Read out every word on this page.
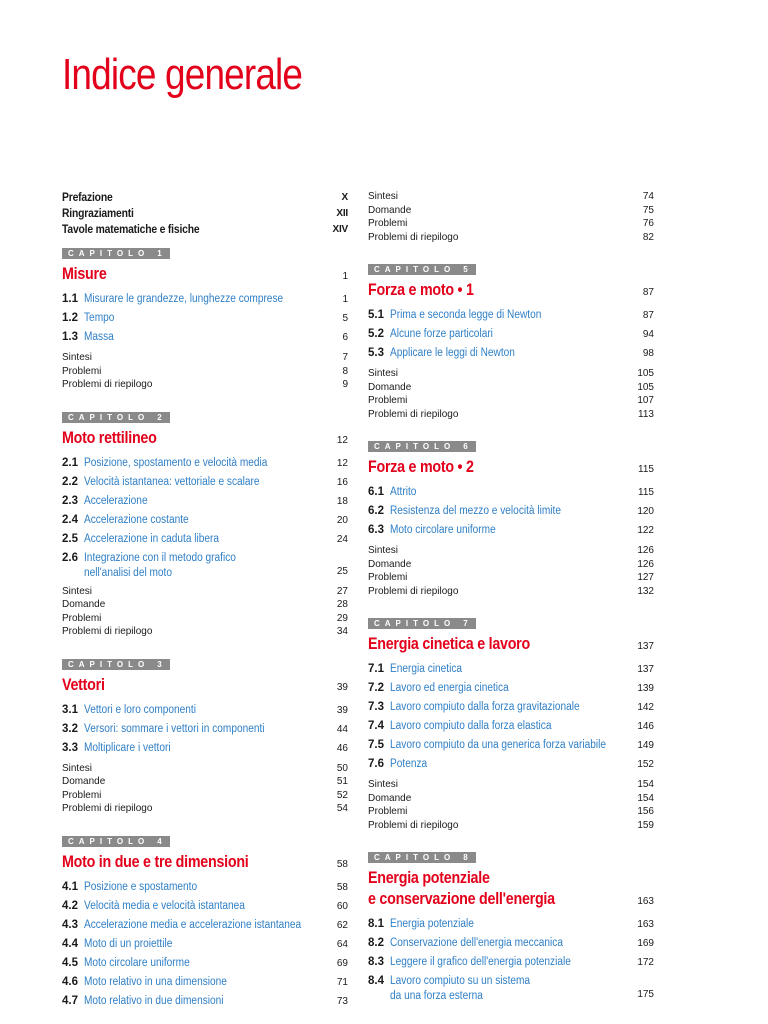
Indice generale
Prefazione	X
Ringraziamenti	XII
Tavole matematiche e fisiche	XIV
CAPITOLO 1
Misure	1
1.1 Misurare le grandezze, lunghezze comprese	1
1.2 Tempo	5
1.3 Massa	6
Sintesi	7
Problemi	8
Problemi di riepilogo	9
CAPITOLO 2
Moto rettilineo	12
2.1 Posizione, spostamento e velocità media	12
2.2 Velocità istantanea: vettoriale e scalare	16
2.3 Accelerazione	18
2.4 Accelerazione costante	20
2.5 Accelerazione in caduta libera	24
2.6 Integrazione con il metodo grafico
nell'analisi del moto	25
Sintesi	27
Domande	28
Problemi	29
Problemi di riepilogo	34
CAPITOLO 3
Vettori	39
3.1 Vettori e loro componenti	39
3.2 Versori: sommare i vettori in componenti	44
3.3 Moltiplicare i vettori	46
Sintesi	50
Domande	51
Problemi	52
Problemi di riepilogo	54
CAPITOLO 4
Moto in due e tre dimensioni	58
4.1 Posizione e spostamento	58
4.2 Velocità media e velocità istantanea	60
4.3 Accelerazione media e accelerazione istantanea	62
4.4 Moto di un proiettile	64
4.5 Moto circolare uniforme	69
4.6 Moto relativo in una dimensione	71
4.7 Moto relativo in due dimensioni	73
Sintesi	74
Domande	75
Problemi	76
Problemi di riepilogo	82
CAPITOLO 5
Forza e moto • 1	87
5.1 Prima e seconda legge di Newton	87
5.2 Alcune forze particolari	94
5.3 Applicare le leggi di Newton	98
Sintesi	105
Domande	105
Problemi	107
Problemi di riepilogo	113
CAPITOLO 6
Forza e moto • 2	115
6.1 Attrito	115
6.2 Resistenza del mezzo e velocità limite	120
6.3 Moto circolare uniforme	122
Sintesi	126
Domande	126
Problemi	127
Problemi di riepilogo	132
CAPITOLO 7
Energia cinetica e lavoro	137
7.1 Energia cinetica	137
7.2 Lavoro ed energia cinetica	139
7.3 Lavoro compiuto dalla forza gravitazionale	142
7.4 Lavoro compiuto dalla forza elastica	146
7.5 Lavoro compiuto da una generica forza variabile	149
7.6 Potenza	152
Sintesi	154
Domande	154
Problemi	156
Problemi di riepilogo	159
CAPITOLO 8
Energia potenziale
e conservazione dell'energia	163
8.1 Energia potenziale	163
8.2 Conservazione dell'energia meccanica	169
8.3 Leggere il grafico dell'energia potenziale	172
8.4 Lavoro compiuto su un sistema
da una forza esterna	175
